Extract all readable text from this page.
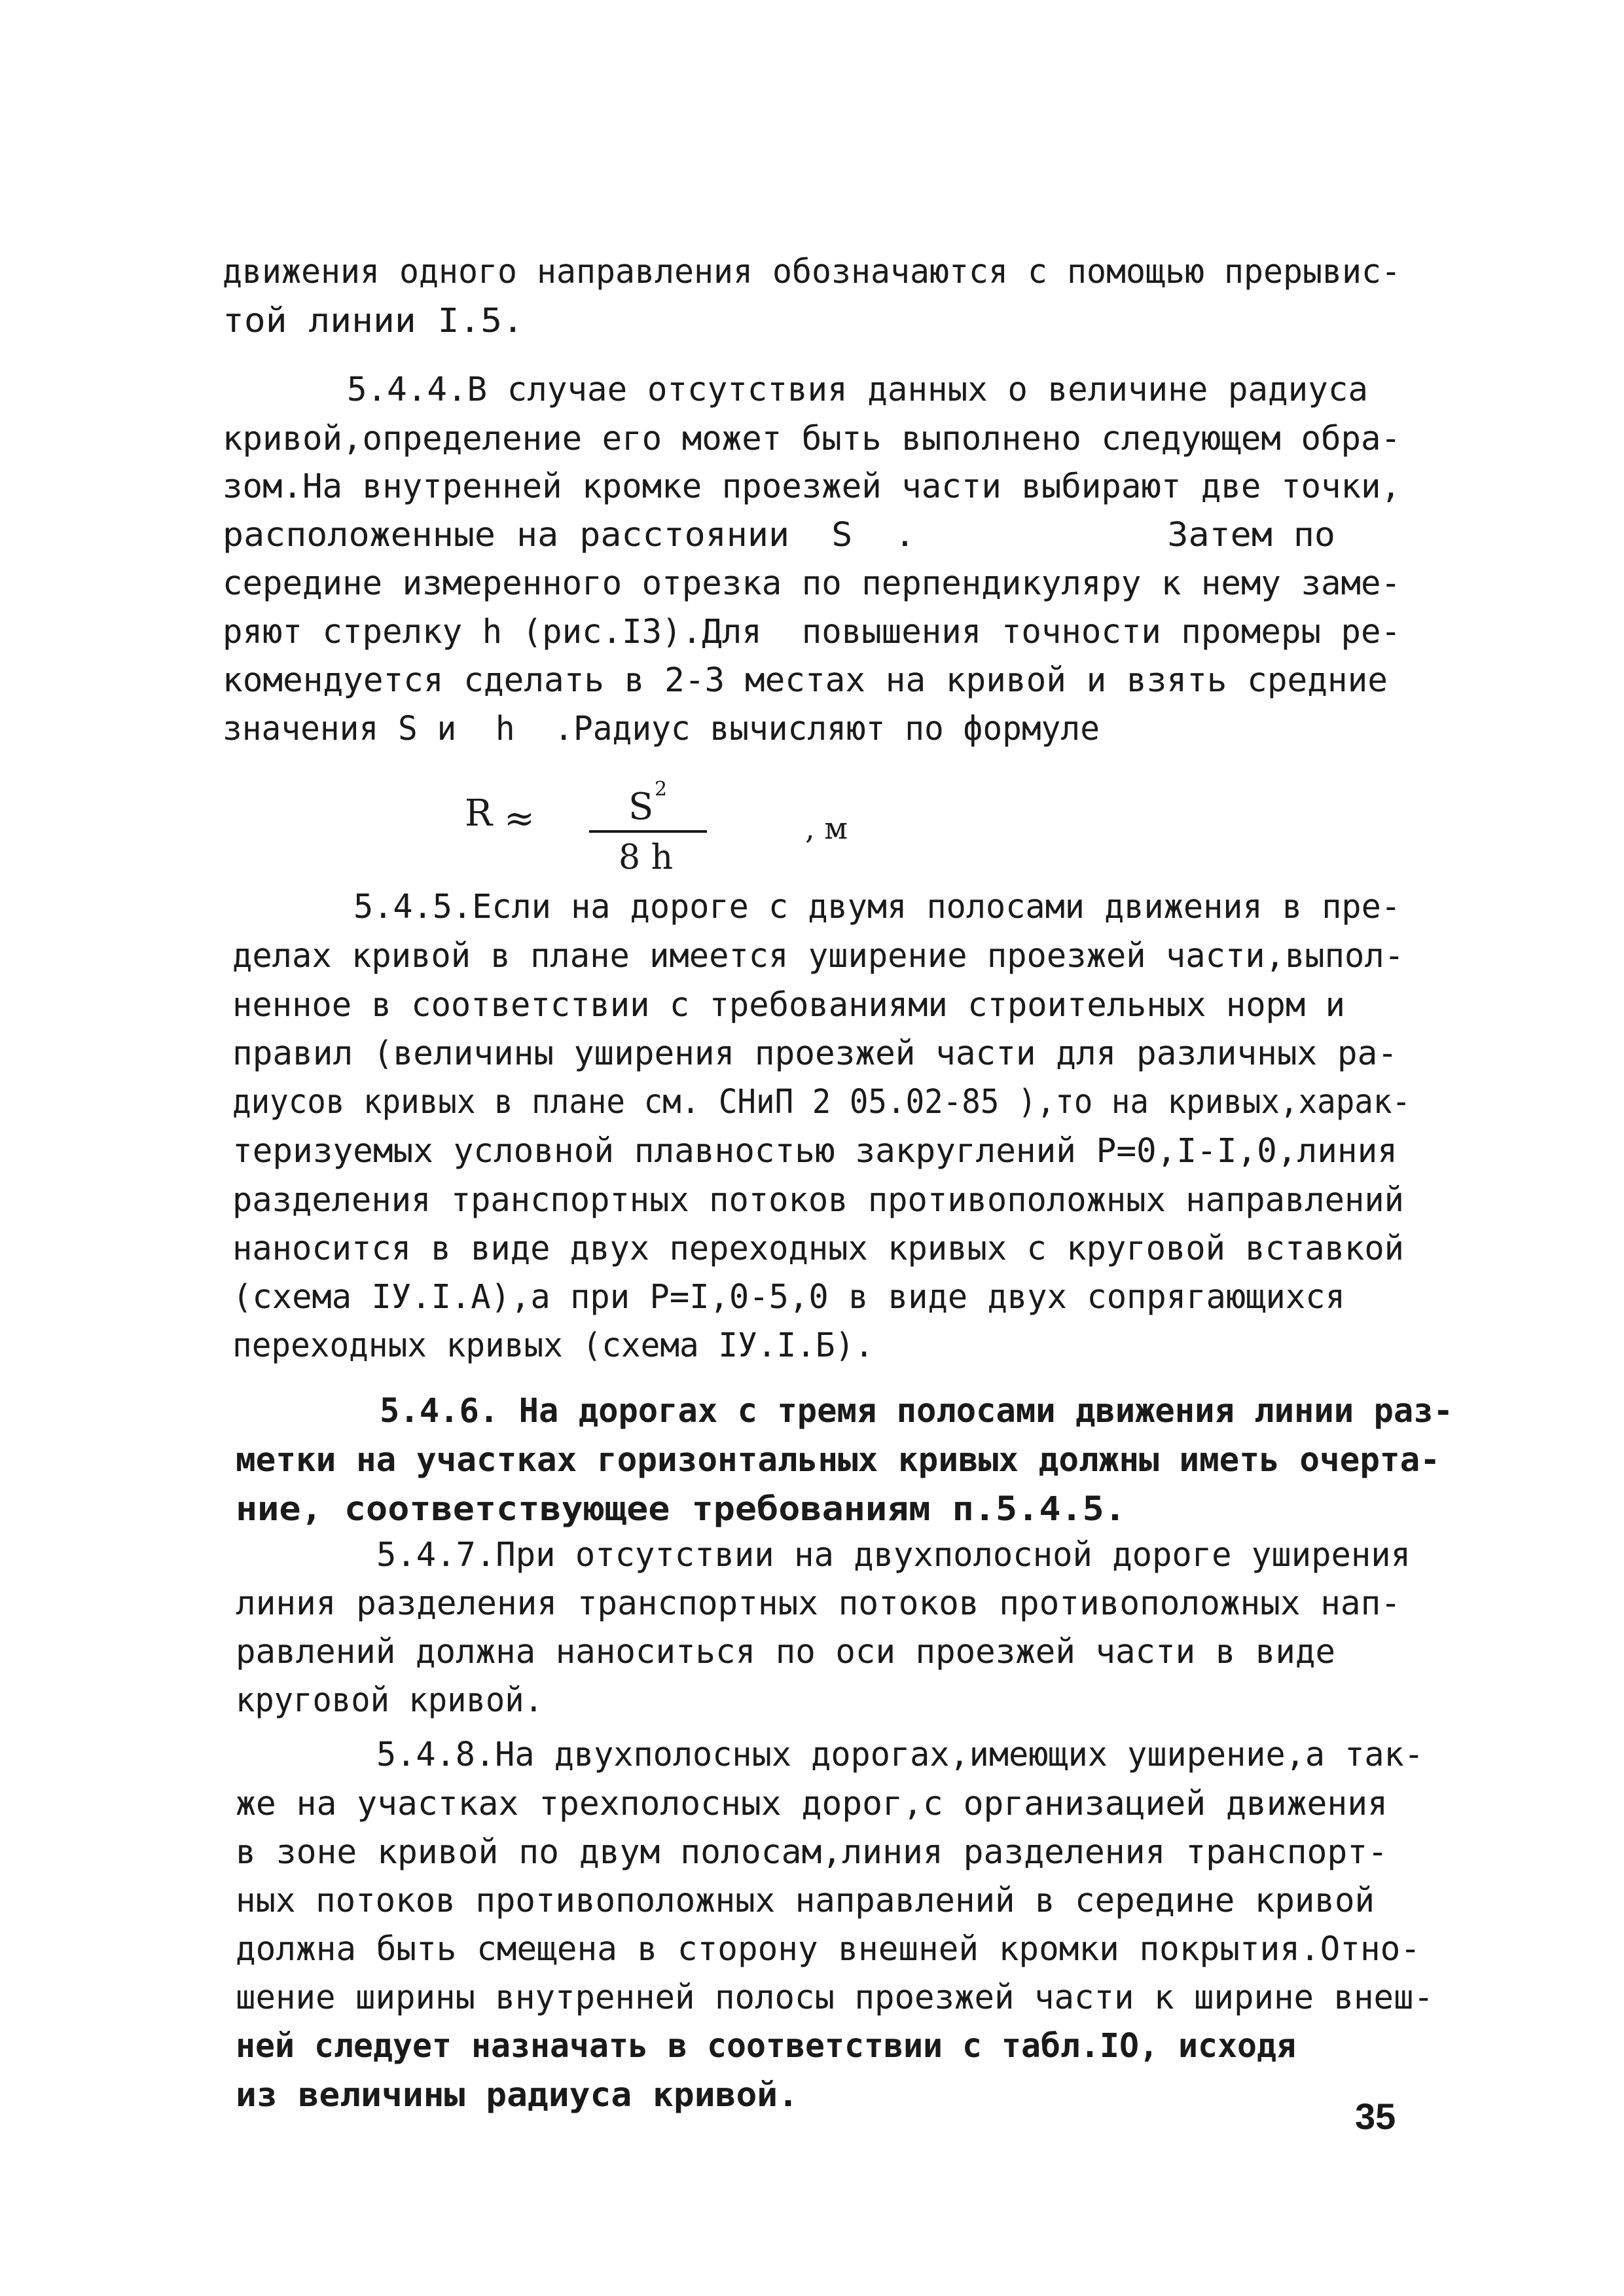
движения одного направления обозначаются с помощью прерывис-
той линии I.5.
5.4.4.В случае отсутствия данных о величине радиуса
кривой,определение его может быть выполнено следующем обра-
зом.На внутренней кромке проезжей части выбирают две точки,
расположенные на расстоянии  S  .            Затем по
середине измеренного отрезка по перпендикуляру к нему заме-
ряют стрелку h (рис.I3).Для  повышения точности промеры ре-
комендуется сделать в 2-3 местах на кривой и взять средние
значения S и  h  .Радиус вычисляют по формуле
R ≈	S 2
8 h
, м
5.4.5.Если на дороге с двумя полосами движения в пре-
делах кривой в плане имеется уширение проезжей части,выпол-
ненное в соответствии с требованиями строительных норм и
правил (величины уширения проезжей части для различных ра-
диусов кривых в плане см. СНиП 2 05.02-85 ),то на кривых,харак-
теризуемых условной плавностью закруглений Р=0,I-I,0,линия
разделения транспортных потоков противоположных направлений
наносится в виде двух переходных кривых с круговой вставкой
(схема IУ.I.А),а при Р=I,0-5,0 в виде двух сопрягающихся
переходных кривых (схема IУ.I.Б).
5.4.6. На дорогах с тремя полосами движения линии раз-
метки на участках горизонтальных кривых должны иметь очерта-
ние, соответствующее требованиям п.5.4.5.
5.4.7.При отсутствии на двухполосной дороге уширения
линия разделения транспортных потоков противоположных нап-
равлений должна наноситься по оси проезжей части в виде
круговой кривой.
5.4.8.На двухполосных дорогах,имеющих уширение,а так-
же на участках трехполосных дорог,с организацией движения
в зоне кривой по двум полосам,линия разделения транспорт-
ных потоков противоположных направлений в середине кривой
должна быть смещена в сторону внешней кромки покрытия.Отно-
шение ширины внутренней полосы проезжей части к ширине внеш-
ней следует назначать в соответствии с табл.IO, исходя
из величины радиуса кривой.
35
